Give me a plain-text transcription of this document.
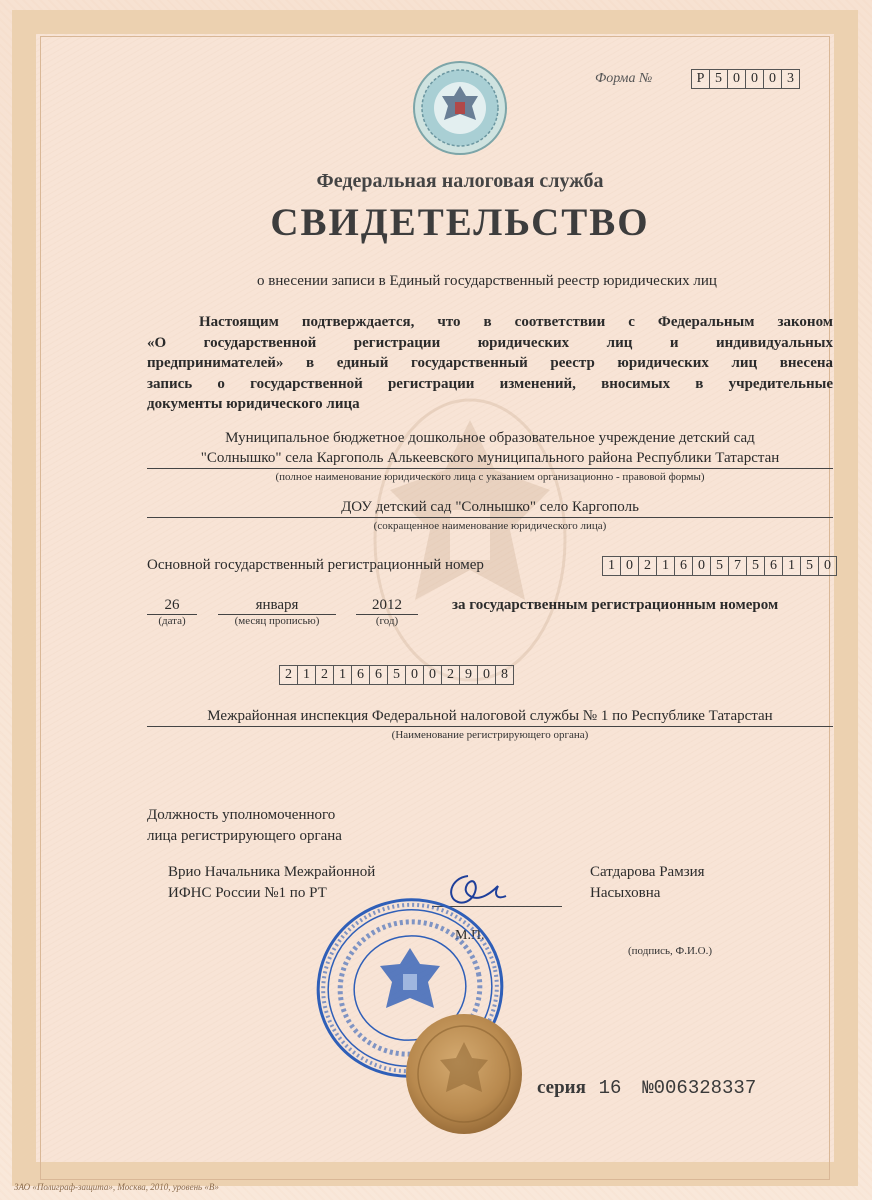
Форма №	Р 5 0 0 0 3
Федеральная налоговая служба
СВИДЕТЕЛЬСТВО
о внесении записи в Единый государственный реестр юридических лиц
Настоящим подтверждается, что в соответствии с Федеральным законом
«О государственной регистрации юридических лиц и индивидуальных
предпринимателей» в единый государственный реестр юридических лиц внесена
запись о государственной регистрации изменений, вносимых в учредительные
документы юридического лица
Муниципальное бюджетное дошкольное образовательное учреждение детский сад
"Солнышко" села Каргополь Алькеевского муниципального района Республики Татарстан
(полное наименование юридического лица с указанием организационно - правовой формы)
ДОУ детский сад "Солнышко" село Каргополь
(сокращенное наименование юридического лица)
Основной государственный регистрационный номер	1 0 2 1 6 0 5 7 5 6 1 5 0
26
(дата)
января
(месяц прописью)
2012
(год)
за государственным регистрационным номером
2 1 2 1 6 6 5 0 0 2 9 0 8
Межрайонная инспекция Федеральной налоговой службы № 1 по Республике Татарстан
(Наименование регистрирующего органа)
Должность уполномоченного
лица регистрирующего органа
Врио Начальника Межрайонной
ИФНС России №1 по РТ
Сатдарова Рамзия
Насыховна
М.П.
(подпись, Ф.И.О.)
серия 16 №006328337
ЗАО «Полиграф-защита», Москва, 2010, уровень «В»
